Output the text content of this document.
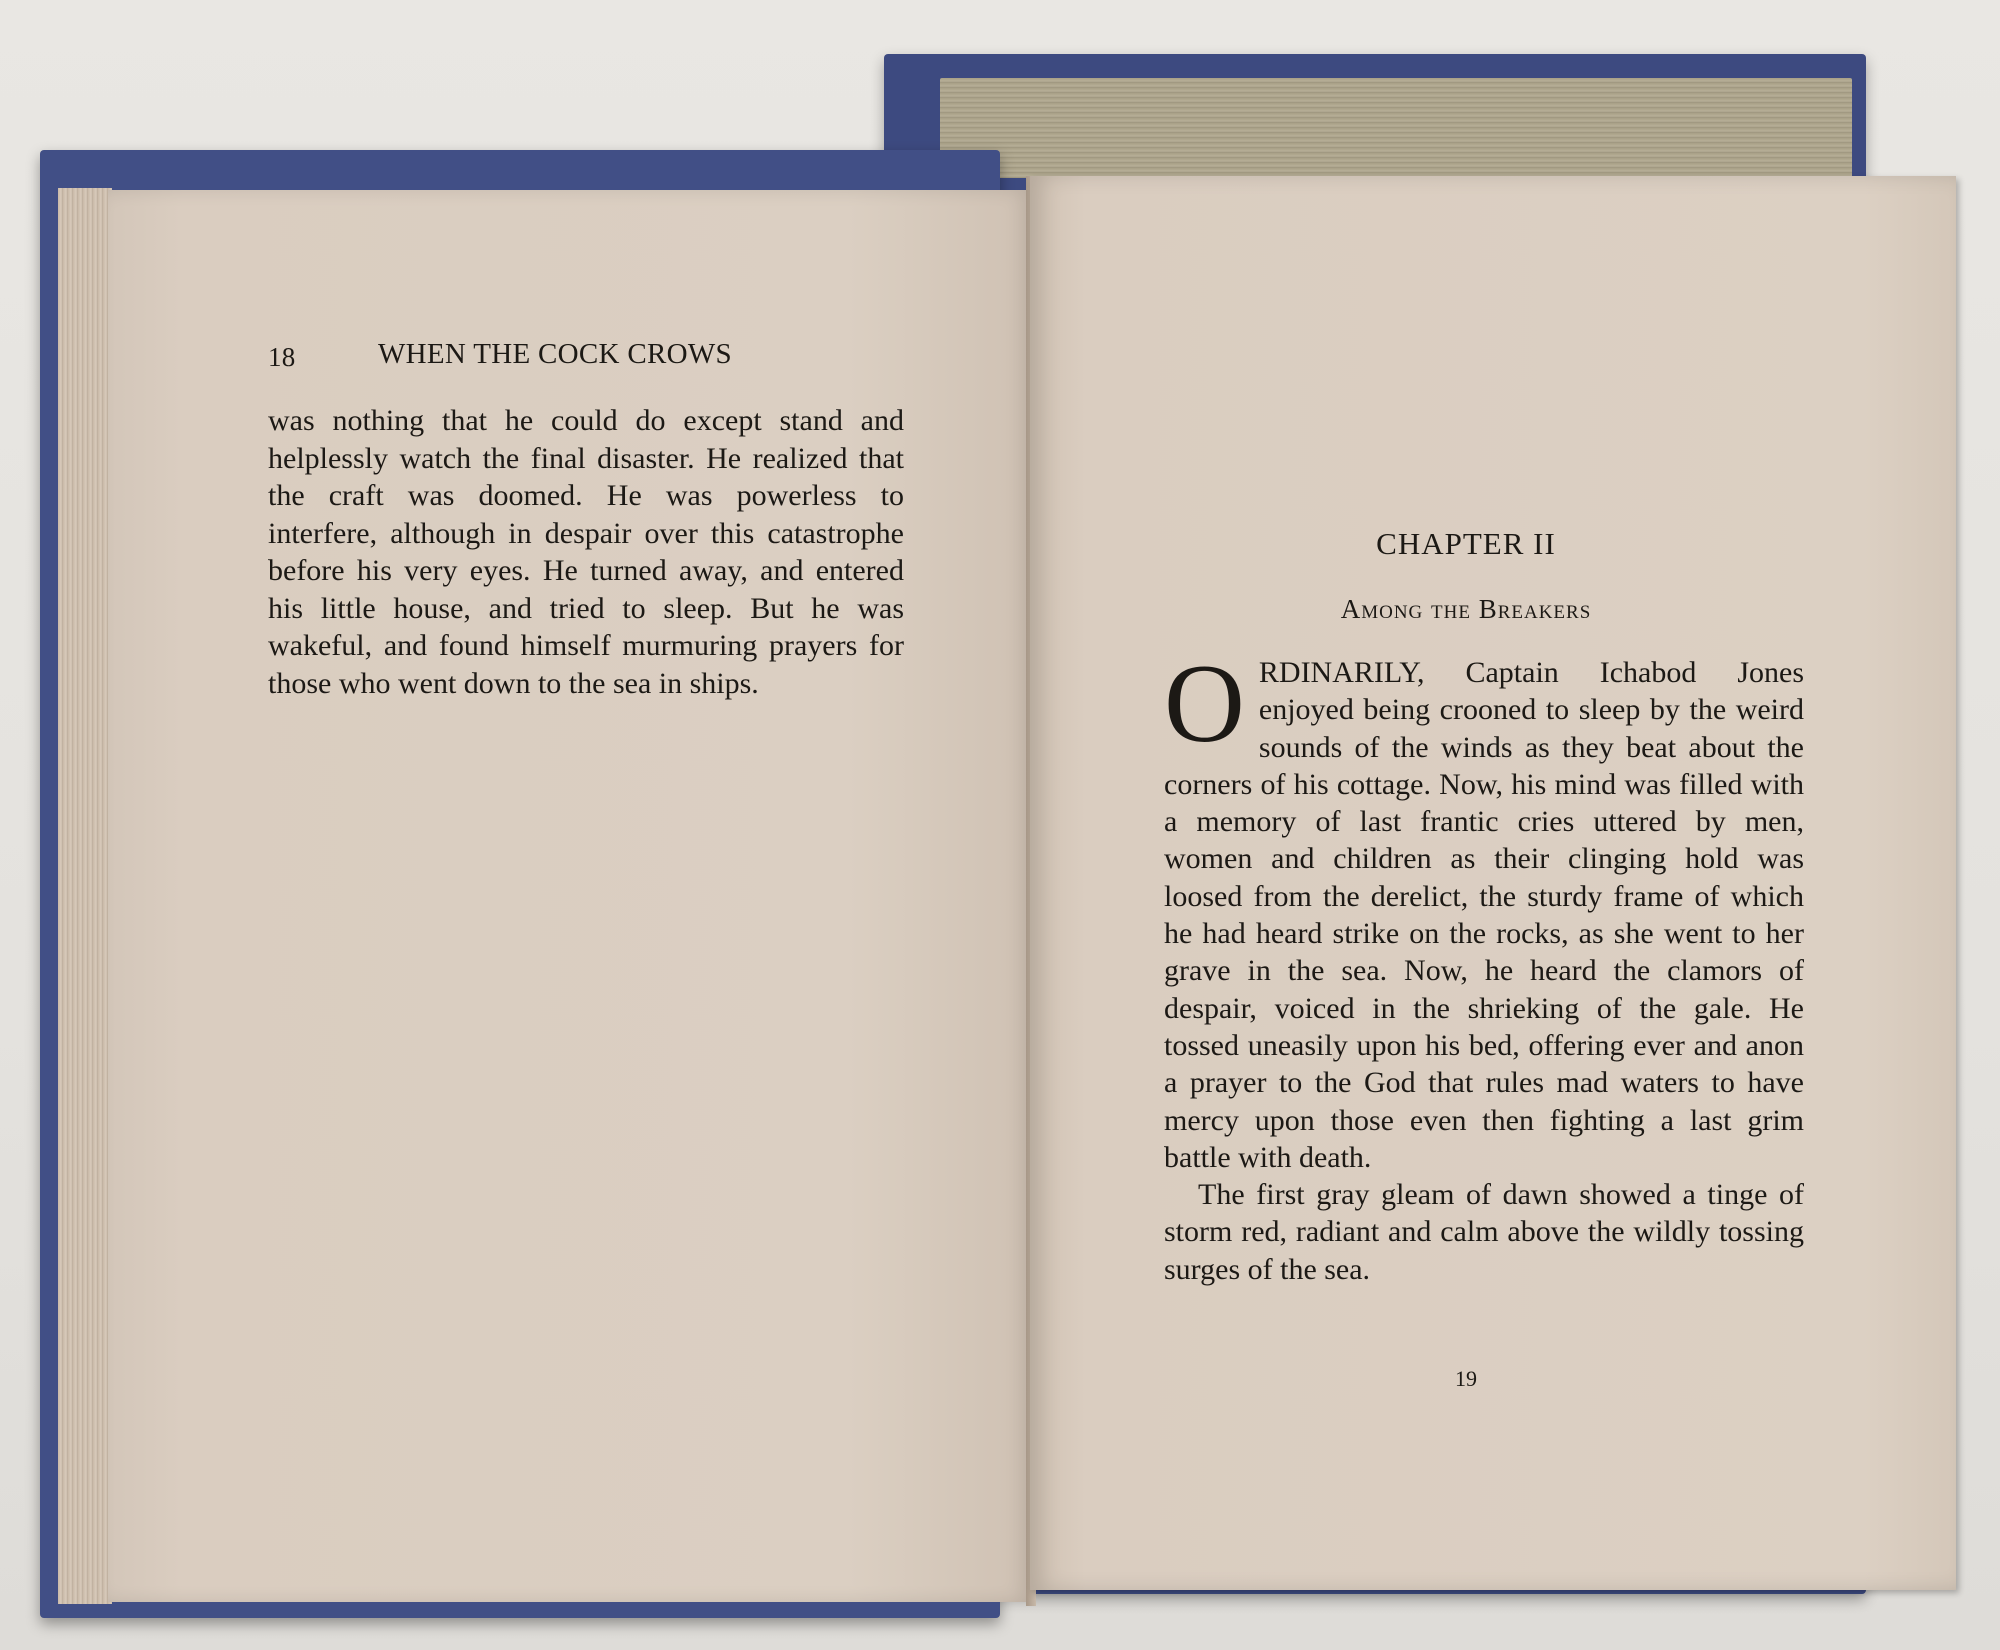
18	WHEN THE COCK CROWS

was nothing that he could do except stand and helplessly watch the final disaster. He realized that the craft was doomed. He was powerless to interfere, although in despair over this catastrophe before his very eyes. He turned away, and entered his little house, and tried to sleep. But he was wakeful, and found himself murmuring prayers for those who went down to the sea in ships.

CHAPTER II
Among the Breakers

ORDINARILY, Captain Ichabod Jones enjoyed being crooned to sleep by the weird sounds of the winds as they beat about the corners of his cottage. Now, his mind was filled with a memory of last frantic cries uttered by men, women and children as their clinging hold was loosed from the derelict, the sturdy frame of which he had heard strike on the rocks, as she went to her grave in the sea. Now, he heard the clamors of despair, voiced in the shrieking of the gale. He tossed uneasily upon his bed, offering ever and anon a prayer to the God that rules mad waters to have mercy upon those even then fighting a last grim battle with death.

The first gray gleam of dawn showed a tinge of storm red, radiant and calm above the wildly tossing surges of the sea.

19
